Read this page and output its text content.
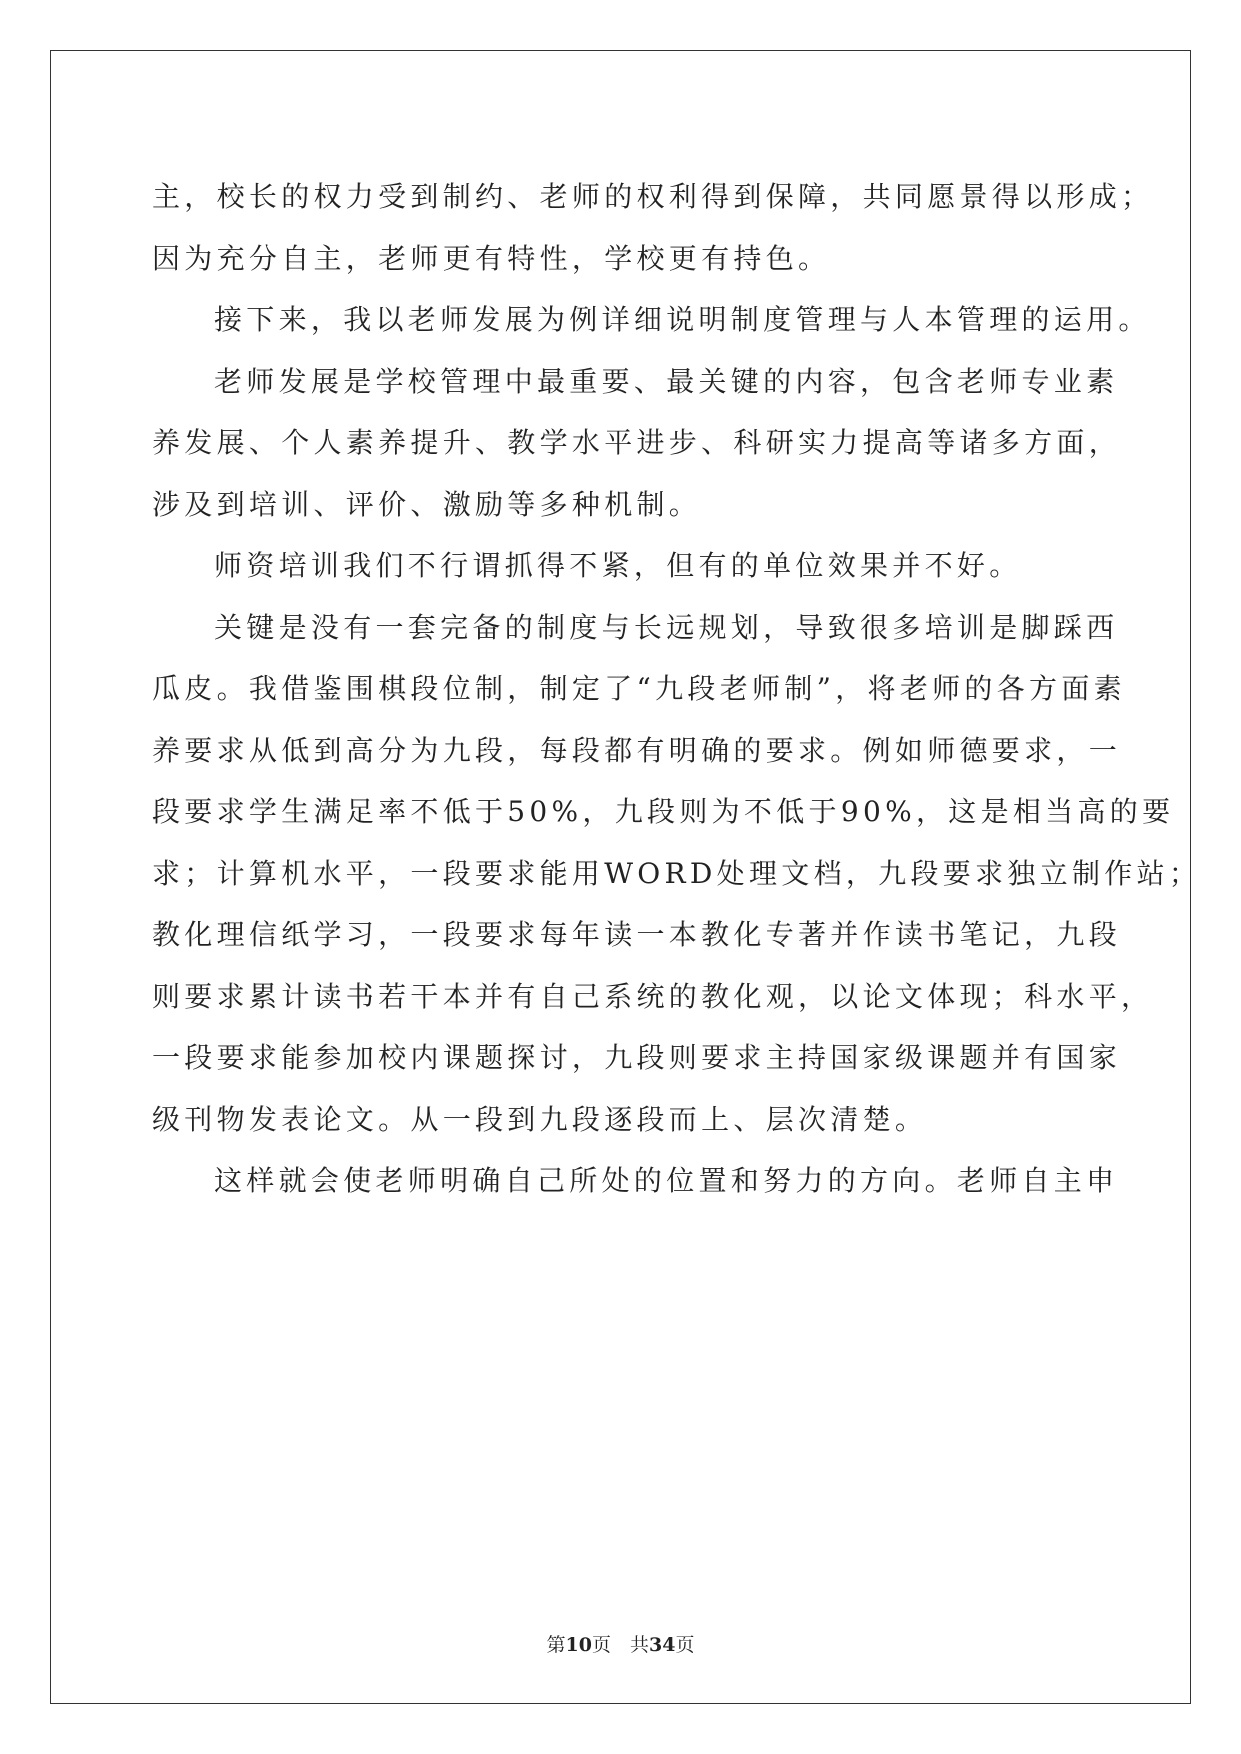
主，校长的权力受到制约、老师的权利得到保障，共同愿景得以形成；
因为充分自主，老师更有特性，学校更有持色。

接下来，我以老师发展为例详细说明制度管理与人本管理的运用。

老师发展是学校管理中最重要、最关键的内容，包含老师专业素
养发展、个人素养提升、教学水平进步、科研实力提高等诸多方面，
涉及到培训、评价、激励等多种机制。

师资培训我们不行谓抓得不紧，但有的单位效果并不好。

关键是没有一套完备的制度与长远规划，导致很多培训是脚踩西
瓜皮。我借鉴围棋段位制，制定了“九段老师制”，将老师的各方面素
养要求从低到高分为九段，每段都有明确的要求。例如师德要求，一
段要求学生满足率不低于50%，九段则为不低于90%，这是相当高的要
求；计算机水平，一段要求能用WORD处理文档，九段要求独立制作站；
教化理信纸学习，一段要求每年读一本教化专著并作读书笔记，九段
则要求累计读书若干本并有自己系统的教化观，以论文体现；科水平，
一段要求能参加校内课题探讨，九段则要求主持国家级课题并有国家
级刊物发表论文。从一段到九段逐段而上、层次清楚。

这样就会使老师明确自己所处的位置和努力的方向。老师自主申

第10页　共34页
